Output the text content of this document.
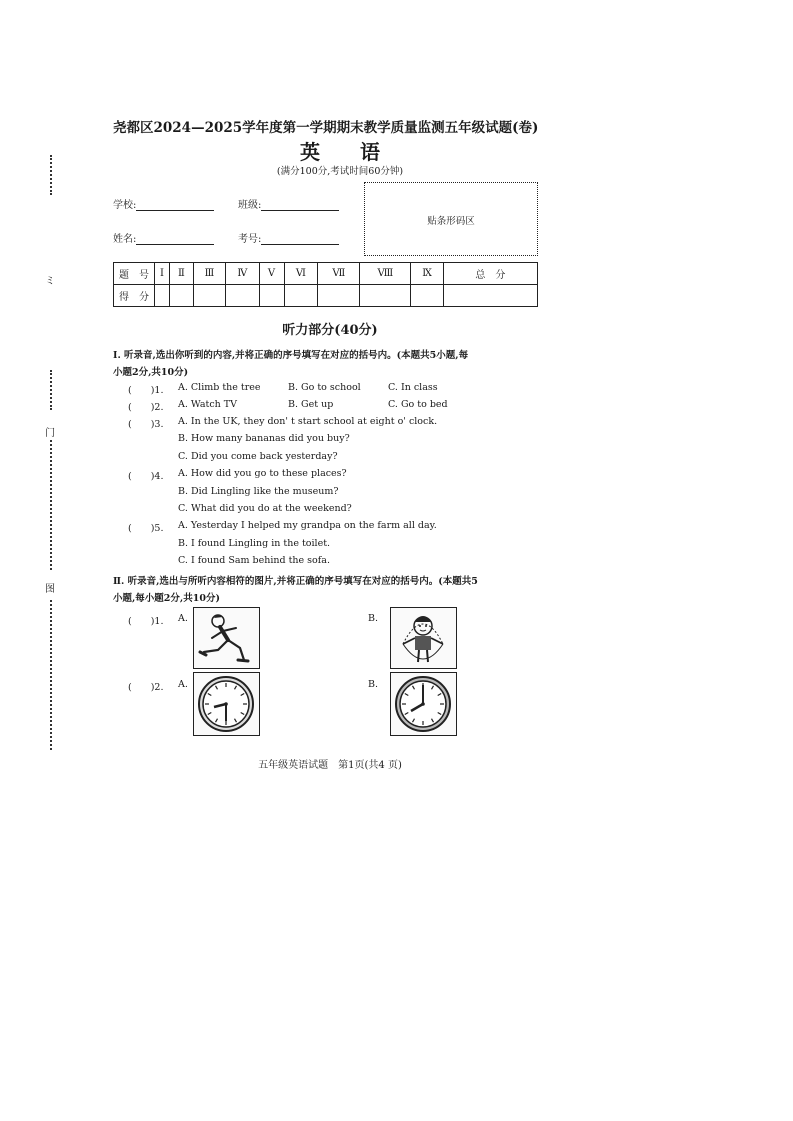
ミ
门
图
尧都区2024—2025学年度第一学期期末教学质量监测五年级试题(卷)
英　　语
(满分100分,考试时间60分钟)
学校:	班级:
姓名:	考号:
贴条形码区
题　号	Ⅰ	Ⅱ	Ⅲ	Ⅳ	Ⅴ	Ⅵ	Ⅶ	Ⅷ	Ⅸ	总　分
得　分										
听力部分(40分)
Ⅰ. 听录音,选出你听到的内容,并将正确的序号填写在对应的括号内。(本题共5小题,每
小题2分,共10分)
(　　)1. A. Climb the tree	B. Go to school	C. In class
(　　)2. A. Watch TV	B. Get up	C. Go to bed
(　　)3. A. In the UK, they don' t start school at eight o' clock.
B. How many bananas did you buy?
C. Did you come back yesterday?
(　　)4. A. How did you go to these places?
B. Did Lingling like the museum?
C. What did you do at the weekend?
(　　)5. A. Yesterday I helped my grandpa on the farm all day.
B. I found Lingling in the toilet.
C. I found Sam behind the sofa.
Ⅱ. 听录音,选出与所听内容相符的图片,并将正确的序号填写在对应的括号内。(本题共5
小题,每小题2分,共10分)
(　　)1. A.	B.
(　　)2. A.	B.
五年级英语试题　第1页(共4 页)
